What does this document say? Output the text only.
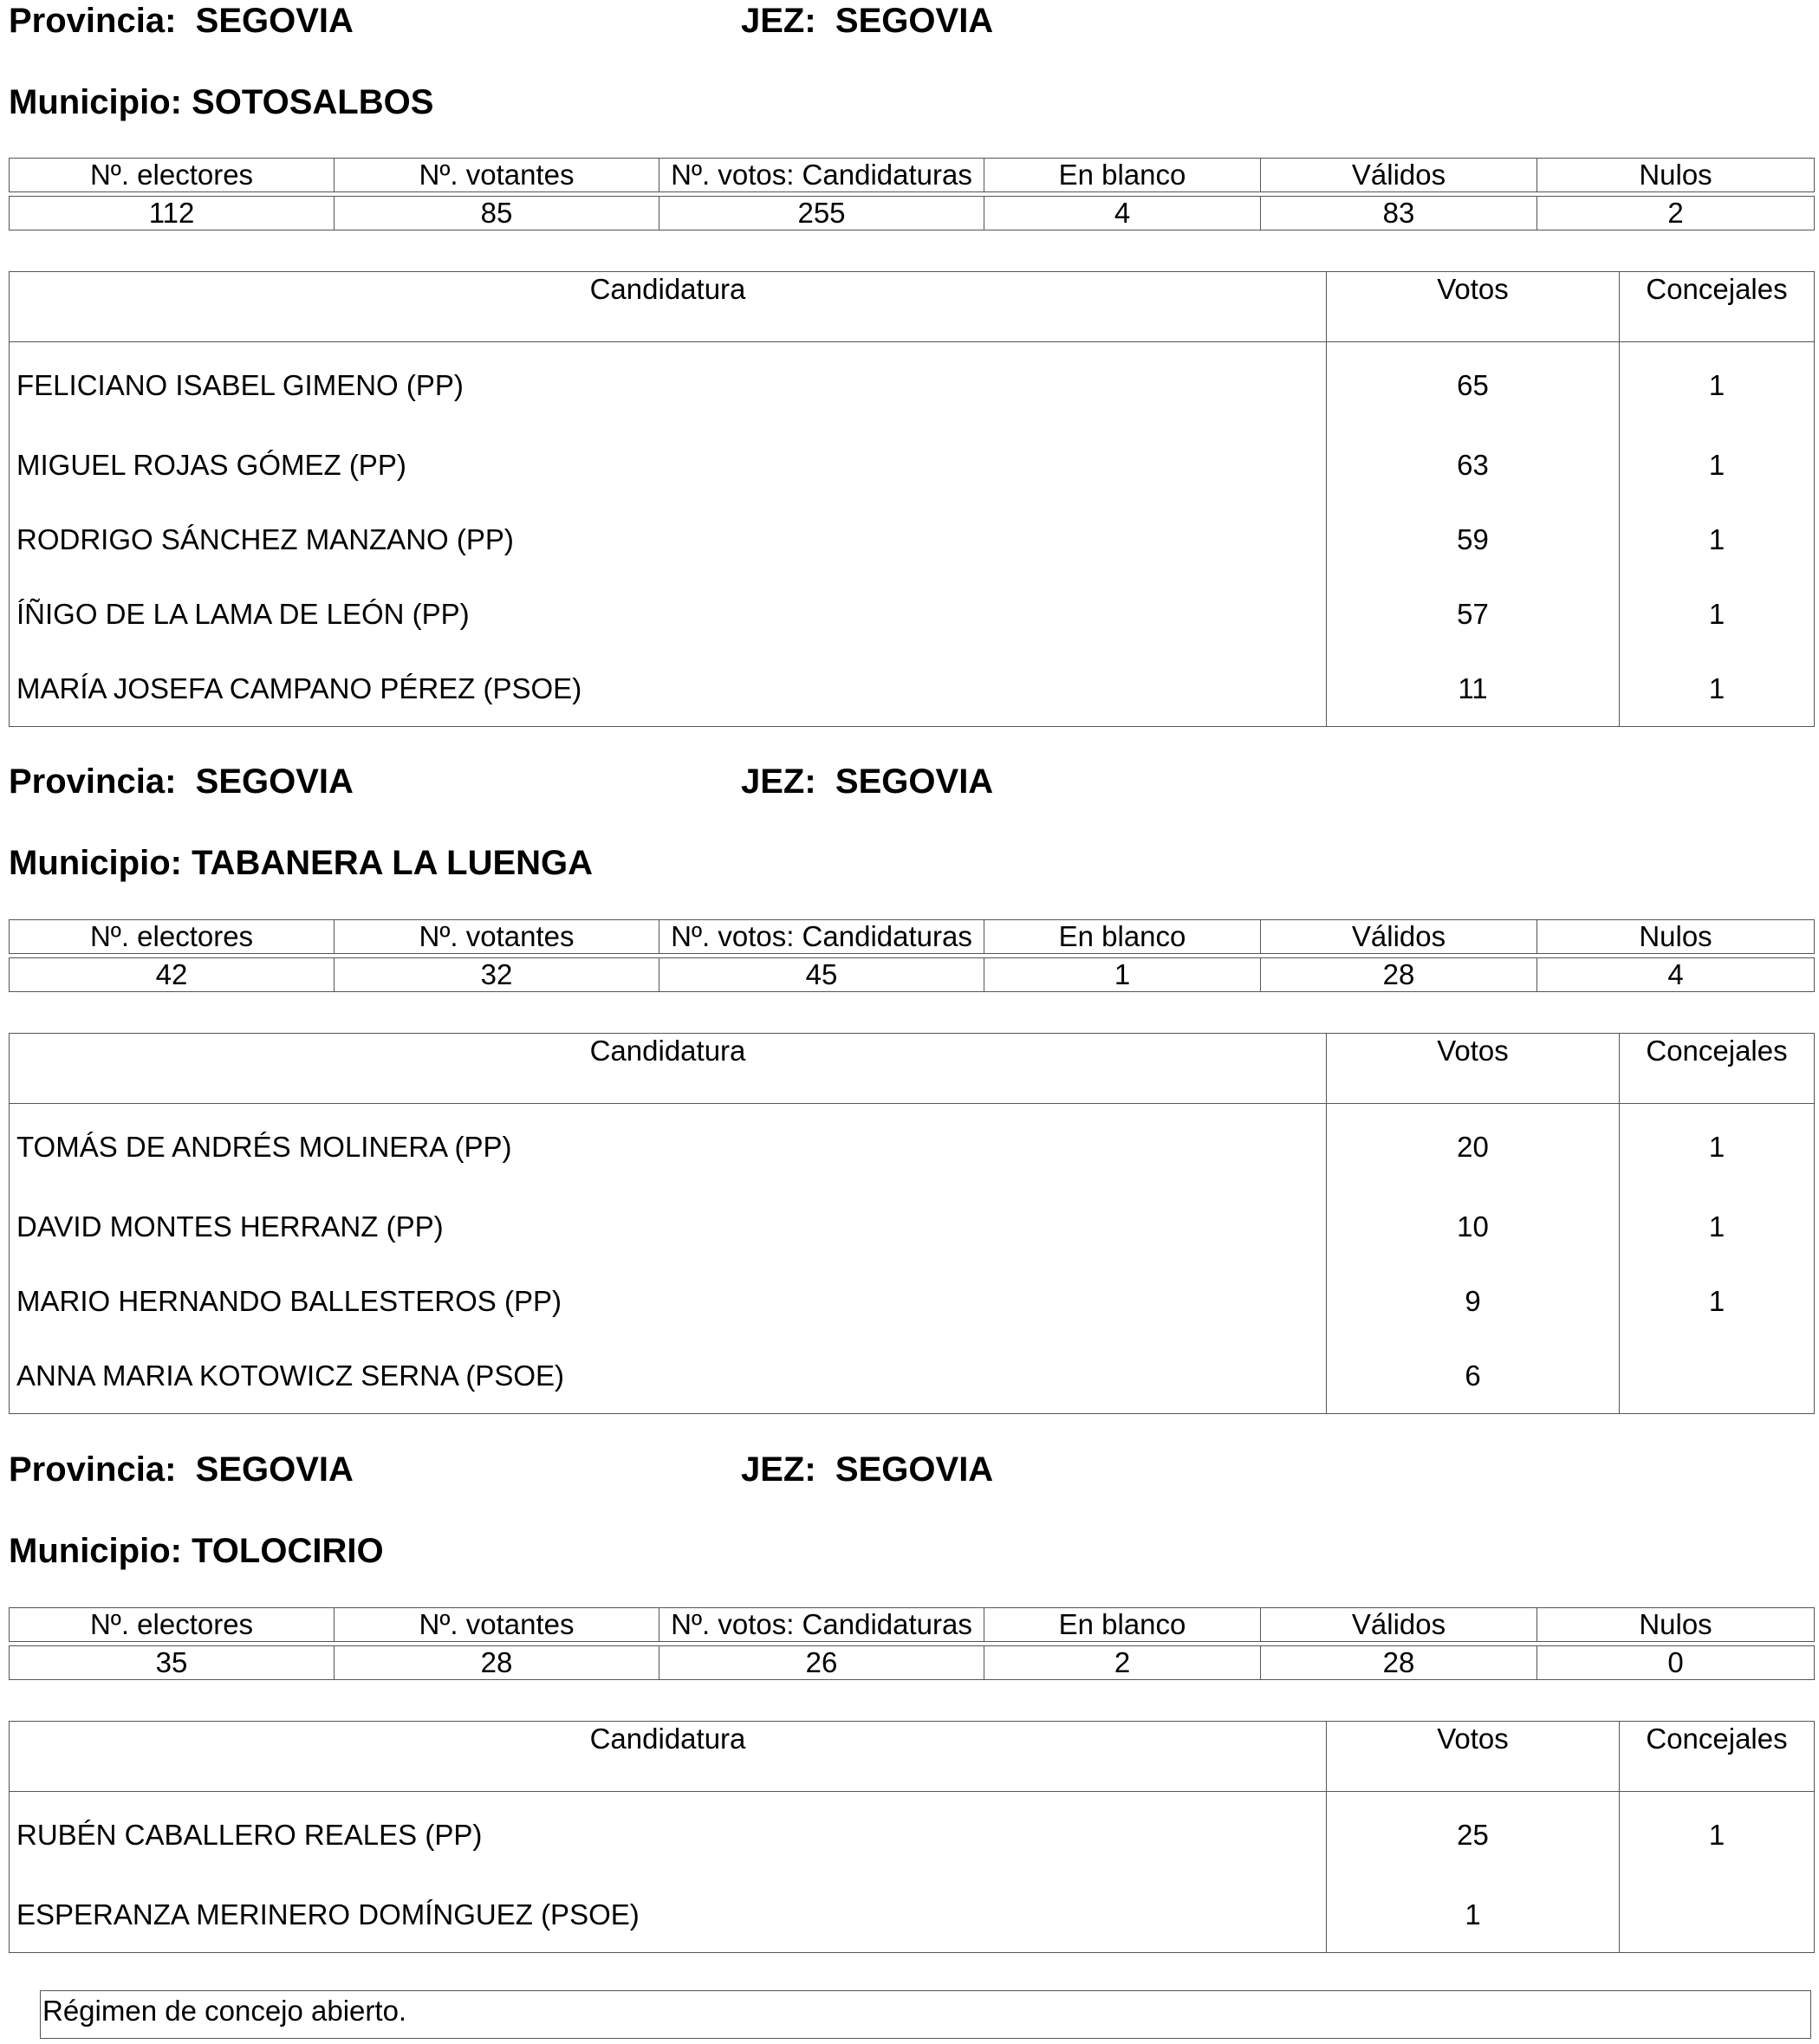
Provincia: SEGOVIA	JEZ: SEGOVIA
Municipio: SOTOSALBOS
Nº. electores	Nº. votantes	Nº. votos: Candidaturas	En blanco	Válidos	Nulos

112	85	255	4	83	2
Candidatura	Votos	Concejales
FELICIANO ISABEL GIMENO (PP)	65	1
MIGUEL ROJAS GÓMEZ (PP)	63	1
RODRIGO SÁNCHEZ MANZANO (PP)	59	1
ÍÑIGO DE LA LAMA DE LEÓN (PP)	57	1
MARÍA JOSEFA CAMPANO PÉREZ (PSOE)	11	1
Provincia: SEGOVIA	JEZ: SEGOVIA
Municipio: TABANERA LA LUENGA
Nº. electores	Nº. votantes	Nº. votos: Candidaturas	En blanco	Válidos	Nulos

42	32	45	1	28	4
Candidatura	Votos	Concejales
TOMÁS DE ANDRÉS MOLINERA (PP)	20	1
DAVID MONTES HERRANZ (PP)	10	1
MARIO HERNANDO BALLESTEROS (PP)	9	1
ANNA MARIA KOTOWICZ SERNA (PSOE)	6	
Provincia: SEGOVIA	JEZ: SEGOVIA
Municipio: TOLOCIRIO
Nº. electores	Nº. votantes	Nº. votos: Candidaturas	En blanco	Válidos	Nulos

35	28	26	2	28	0
Candidatura	Votos	Concejales
RUBÉN CABALLERO REALES (PP)	25	1
ESPERANZA MERINERO DOMÍNGUEZ (PSOE)	1	
Régimen de concejo abierto.
